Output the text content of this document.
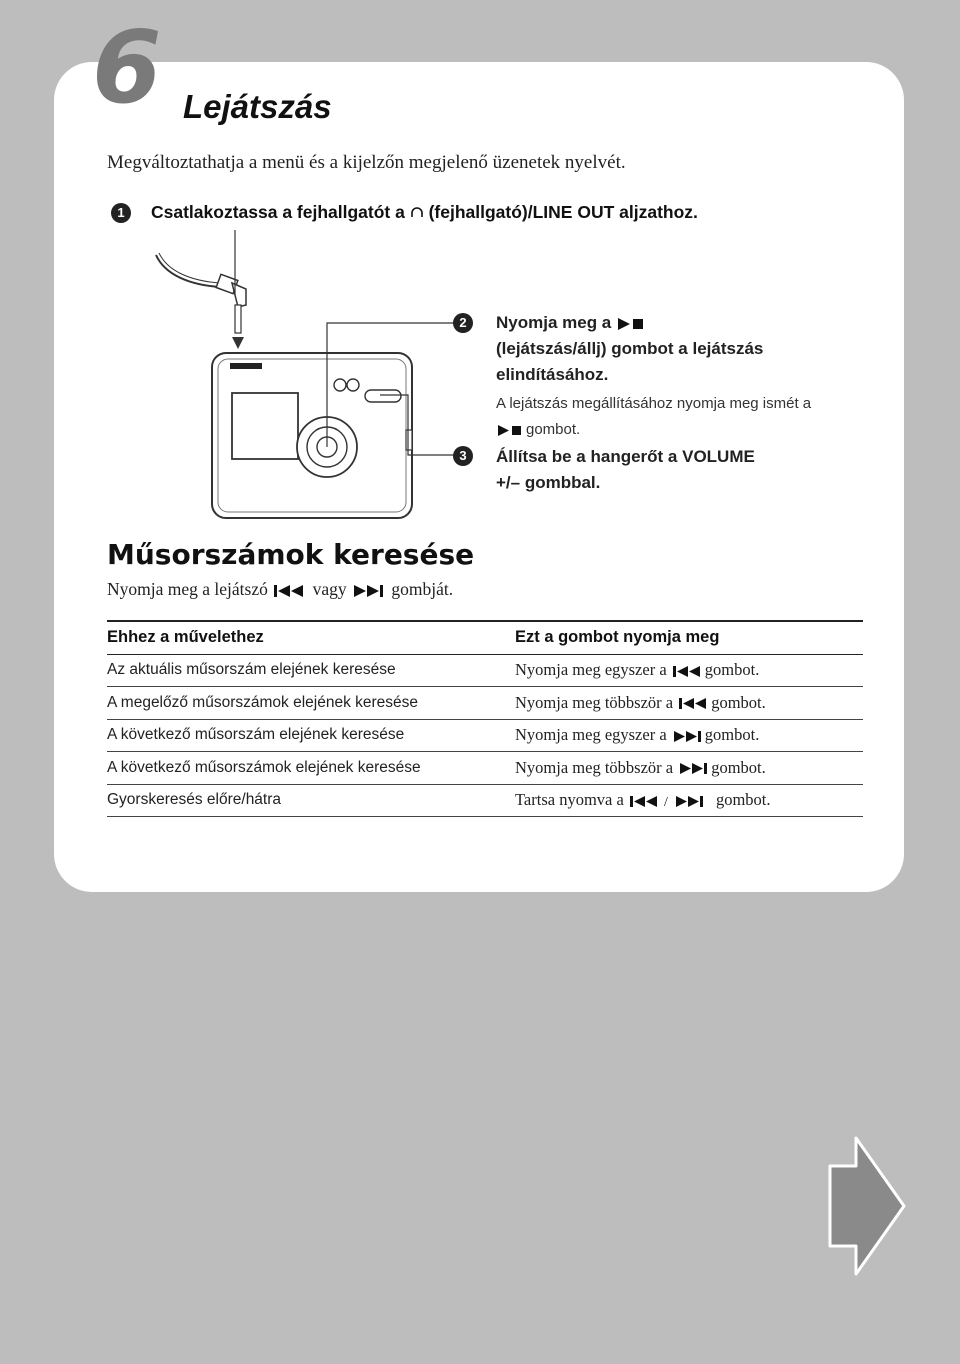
6 Lejátszás
Megváltoztathatja a menü és a kijelzőn megjelenő üzenetek nyelvét.
1	Csatlakoztassa a fejhallgatót a  (fejhallgató)/LINE OUT aljzathoz.
2	Nyomja meg a
(lejátszás/állj) gombot a lejátszás
elindításához.
A lejátszás megállításához nyomja meg ismét a
gombot.
3	Állítsa be a hangerőt a VOLUME
+/– gombbal.
Műsorszámok keresése
Nyomja meg a lejátszó	vagy	gombját.
Ehhez a művelethez	Ezt a gombot nyomja meg
Az aktuális műsorszám elejének keresése	Nyomja meg egyszer a gombot.
A megelőző műsorszámok elejének keresése	Nyomja meg többször a gombot.
A következő műsorszám elejének keresése	Nyomja meg egyszer a gombot.
A következő műsorszámok elejének keresése	Nyomja meg többször a gombot.
Gyorskeresés előre/hátra	Tartsa nyomva a / gombot.
